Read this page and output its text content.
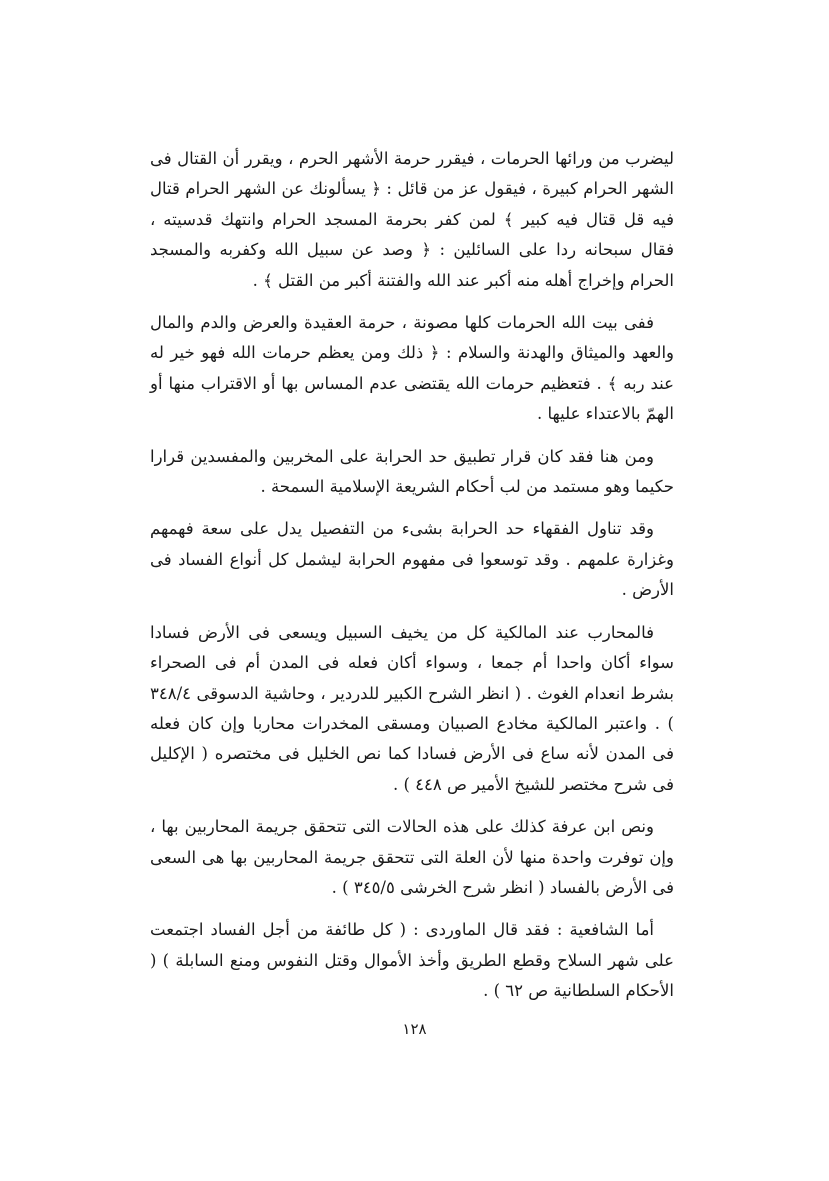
ليضرب من ورائها الحرمات ، فيقرر حرمة الأشهر الحرم ، ويقرر أن القتال فى الشهر الحرام كبيرة ، فيقول عز من قائل : ﴿ يسألونك عن الشهر الحرام قتال فيه قل قتال فيه كبير ﴾ لمن كفر بحرمة المسجد الحرام وانتهك قدسيته ، فقال سبحانه ردا على السائلين : ﴿ وصد عن سبيل الله وكفربه والمسجد الحرام وإخراج أهله منه أكبر عند الله والفتنة أكبر من القتل ﴾ .

ففى بيت الله الحرمات كلها مصونة ، حرمة العقيدة والعرض والدم والمال والعهد والميثاق والهدنة والسلام : ﴿ ذلك ومن يعظم حرمات الله فهو خير له عند ربه ﴾ . فتعظيم حرمات الله يقتضى عدم المساس بها أو الاقتراب منها أو الهمّ بالاعتداء عليها .

ومن هنا فقد كان قرار تطبيق حد الحرابة على المخربين والمفسدين قرارا حكيما وهو مستمد من لب أحكام الشريعة الإسلامية السمحة .

وقد تناول الفقهاء حد الحرابة بشىء من التفصيل يدل على سعة فهمهم وغزارة علمهم . وقد توسعوا فى مفهوم الحرابة ليشمل كل أنواع الفساد فى الأرض .

فالمحارب عند المالكية كل من يخيف السبيل ويسعى فى الأرض فسادا سواء أكان واحدا أم جمعا ، وسواء أكان فعله فى المدن أم فى الصحراء بشرط انعدام الغوث . ( انظر الشرح الكبير للدردير ، وحاشية الدسوقى ٣٤٨/٤ ) . واعتبر المالكية مخادع الصبيان ومسقى المخدرات محاربا وإن كان فعله فى المدن لأنه ساع فى الأرض فسادا كما نص الخليل فى مختصره ( الإكليل فى شرح مختصر للشيخ الأمير ص ٤٤٨ ) .

ونص ابن عرفة كذلك على هذه الحالات التى تتحقق جريمة المحاربين بها ، وإن توفرت واحدة منها لأن العلة التى تتحقق جريمة المحاربين بها هى السعى فى الأرض بالفساد ( انظر شرح الخرشى ٣٤٥/٥ ) .

أما الشافعية : فقد قال الماوردى : ( كل طائفة من أجل الفساد اجتمعت على شهر السلاح وقطع الطريق وأخذ الأموال وقتل النفوس ومنع السابلة ) ( الأحكام السلطانية ص ٦٢ ) .

١٢٨
